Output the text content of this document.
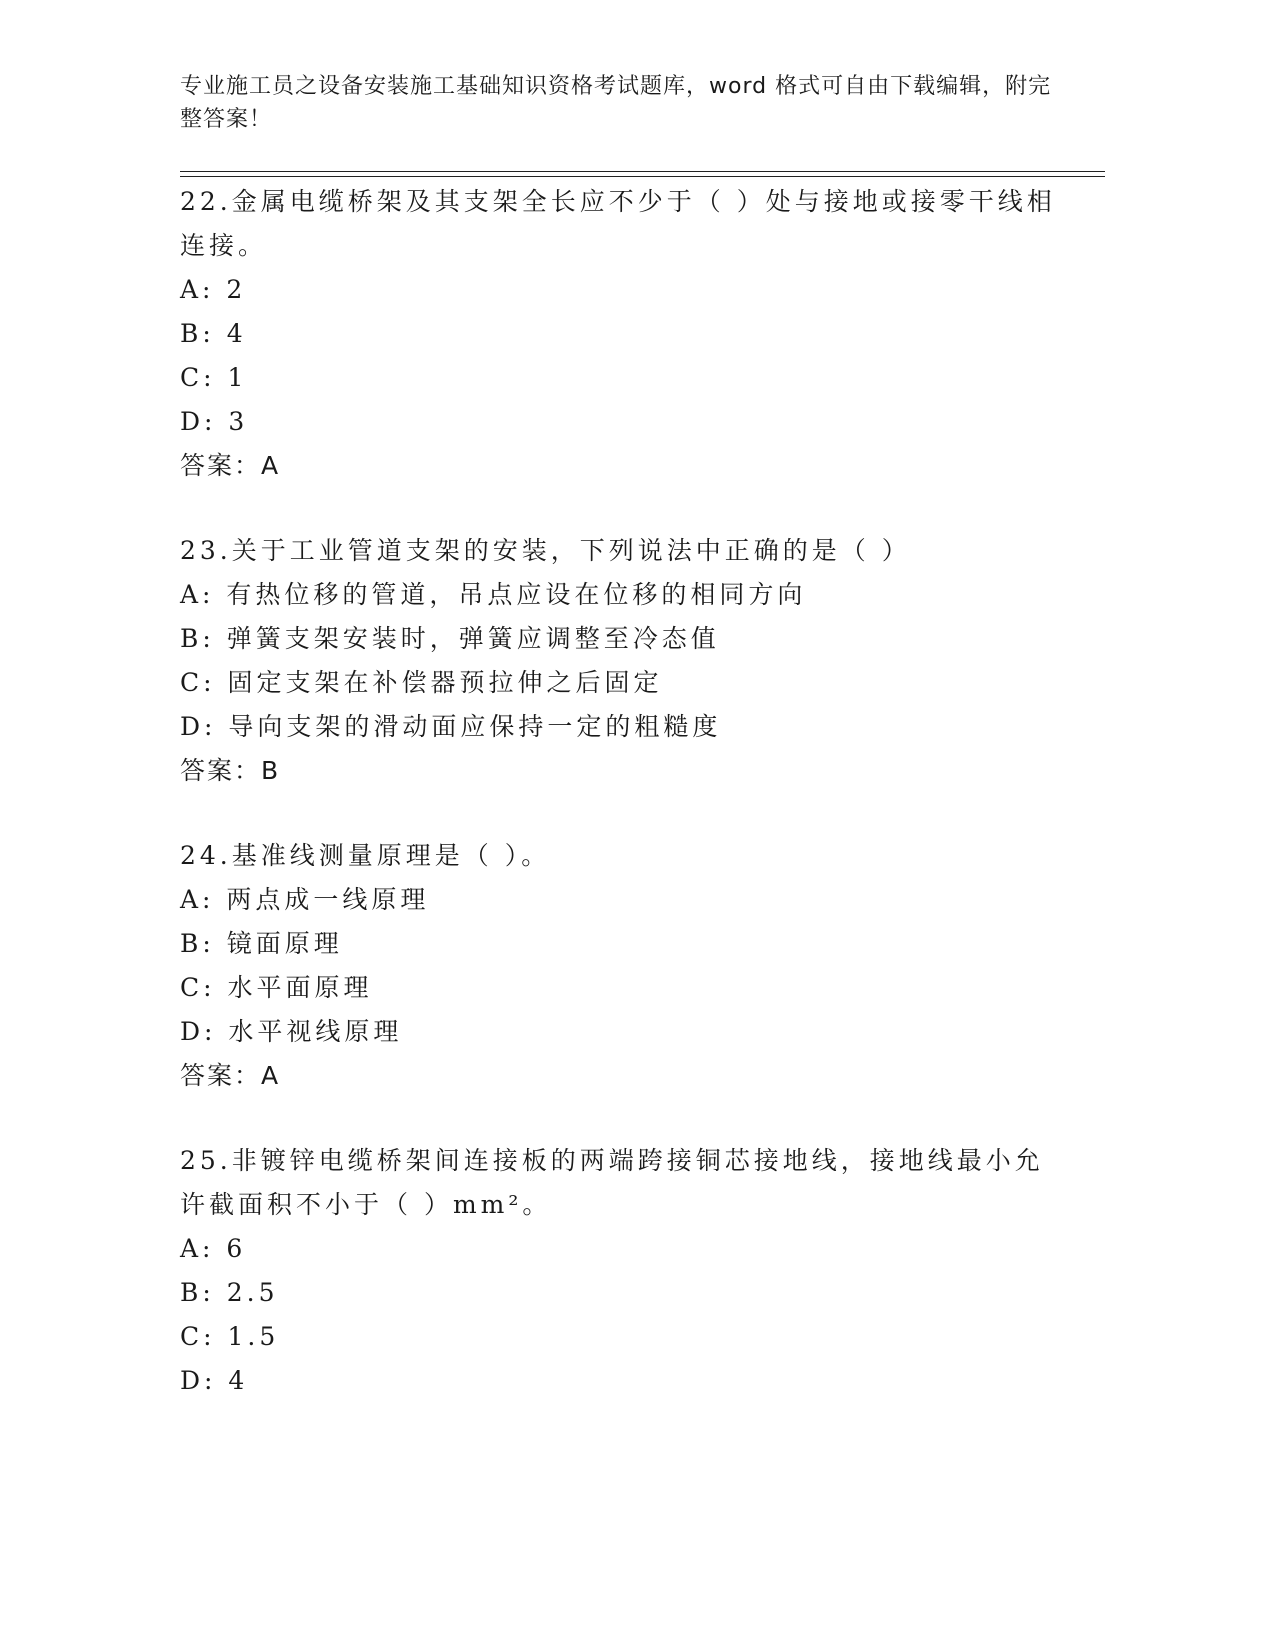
专业施工员之设备安装施工基础知识资格考试题库，word 格式可自由下载编辑，附完整答案！
22.金属电缆桥架及其支架全长应不少于（ ）处与接地或接零干线相连接。
A: 2
B: 4
C: 1
D: 3
答案：A
23.关于工业管道支架的安装，下列说法中正确的是（ ）
A: 有热位移的管道，吊点应设在位移的相同方向
B: 弹簧支架安装时，弹簧应调整至冷态值
C: 固定支架在补偿器预拉伸之后固定
D: 导向支架的滑动面应保持一定的粗糙度
答案：B
24.基准线测量原理是（ ）。
A: 两点成一线原理
B: 镜面原理
C: 水平面原理
D: 水平视线原理
答案：A
25.非镀锌电缆桥架间连接板的两端跨接铜芯接地线，接地线最小允许截面积不小于（ ）mm²。
A: 6
B: 2.5
C: 1.5
D: 4
